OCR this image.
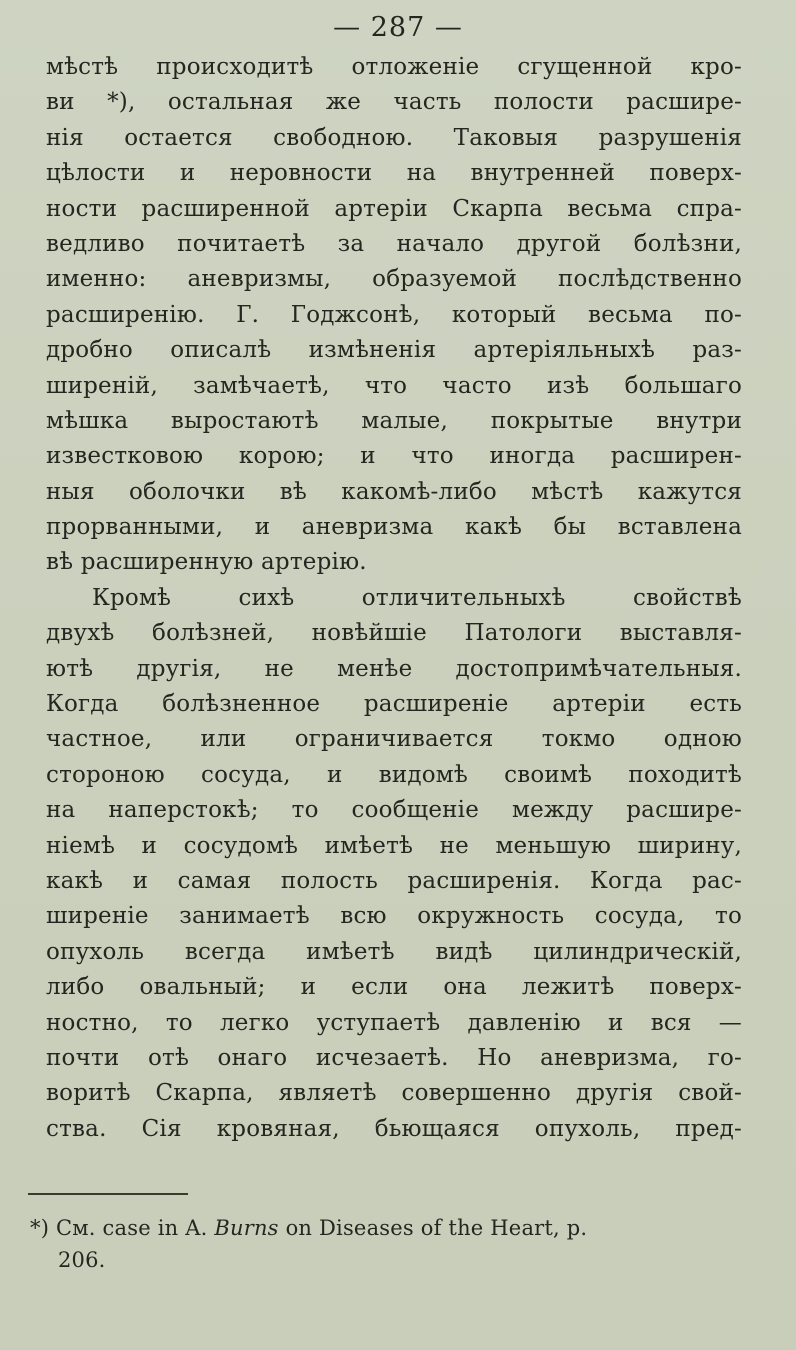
— 287 —
мѣстѣ происходитѣ отложеніе сгущенной кро-
ви *), остальная же часть полости расшире-
нія остается свободною. Таковыя разрушенія
цѣлости и неровности на внутренней поверх-
ности расширенной артеріи Скарпа весьма спра-
ведливо почитаетѣ за начало другой болѣзни,
именно: аневризмы, образуемой послѣдственно
расширенію. Г. Годжсонѣ, который весьма по-
дробно описалѣ измѣненія артеріяльныхѣ раз-
ширеній, замѣчаетѣ, что часто изѣ большаго
мѣшка выростаютѣ малые, покрытые внутри
известковою корою; и что иногда расширен-
ныя оболочки вѣ какомѣ-либо мѣстѣ кажутся
прорванными, и аневризма какѣ бы вставлена
вѣ расширенную артерію.
Кромѣ сихѣ отличительныхѣ свойствѣ
двухѣ болѣзней, новѣйшіе Патологи выставля-
ютѣ другія, не менѣе достопримѣчательныя.
Когда болѣзненное расширеніе артеріи есть
частное, или ограничивается токмо одною
стороною сосуда, и видомѣ своимѣ походитѣ
на наперстокѣ; то сообщеніе между расшире-
ніемѣ и сосудомѣ имѣетѣ не меньшую ширину,
какѣ и самая полость расширенія. Когда рас-
ширеніе занимаетѣ всю окружность сосуда, то
опухоль всегда имѣетѣ видѣ цилиндрическій,
либо овальный; и если она лежитѣ поверх-
ностно, то легко уступаетѣ давленію и вся —
почти отѣ онаго исчезаетѣ. Но аневризма, го-
воритѣ Скарпа, являетѣ совершенно другія свой-
ства. Сія кровяная, бьющаяся опухоль, пред-
*) См. case in A. Burns on Diseases of the Heart, p.
206.
